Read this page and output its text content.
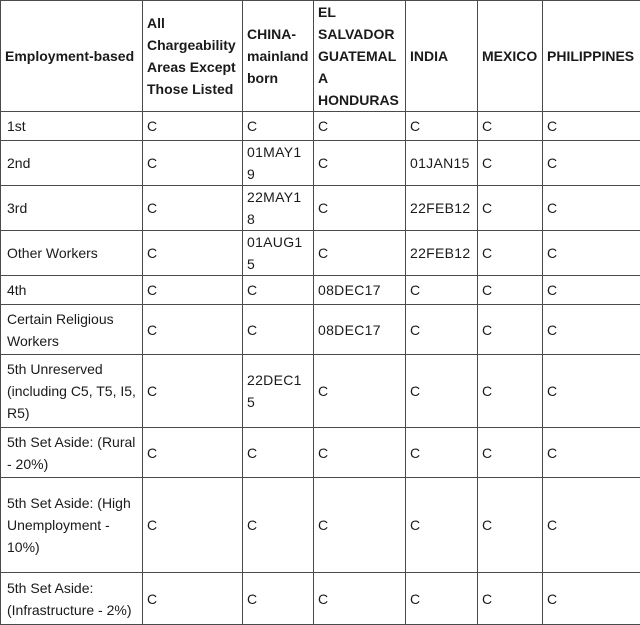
Employment-based	All Chargeability Areas Except Those Listed	CHINA-mainland born	EL SALVADOR GUATEMALA HONDURAS	INDIA	MEXICO	PHILIPPINES
1st	C	C	C	C	C	C
2nd	C	01MAY19	C	01JAN15	C	C
3rd	C	22MAY18	C	22FEB12	C	C
Other Workers	C	01AUG15	C	22FEB12	C	C
4th	C	C	08DEC17	C	C	C
Certain Religious Workers	C	C	08DEC17	C	C	C
5th Unreserved (including C5, T5, I5, R5)	C	22DEC15	C	C	C	C
5th Set Aside: (Rural - 20%)	C	C	C	C	C	C
5th Set Aside: (High Unemployment - 10%)	C	C	C	C	C	C
5th Set Aside: (Infrastructure - 2%)	C	C	C	C	C	C
